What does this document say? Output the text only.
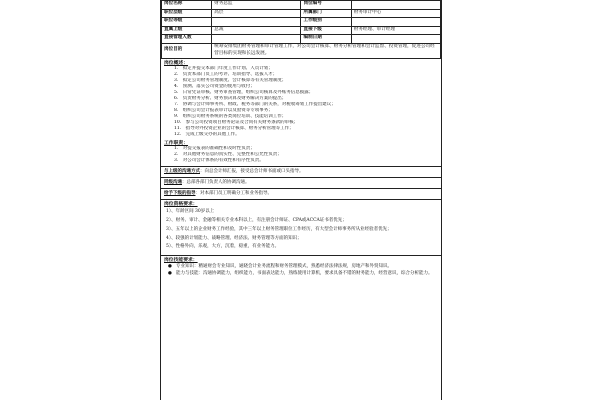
岗位名称	财务总监	岗位编号	
职位层级	高层	所属部门	财务审计中心
职位等级		工作级别	
直属上级	总裁	直接下级	财务经理、审计经理
直接管理人数		编制日期	
岗位目的	统筹安排集团财务管理和审计管理工作，对公司会计核算、财务分析管理和会计监督、投资管理，促进公司经营目标的实现和长远发展。		
岗位概述：
1.　拟定并提交本部门年度工作计划、人员计划；
2.　负责本部门员工的考评、培训指导、选拔人才；
3.　拟定公司财务管理制度、会计核算等有关管理制度；
4.　预测、落实公司资金的使用与收付；
5.　日常凭证审核、财务审查管理，组织公司核算及外账务信息披露；
6.　负责财务分析、财务预决算及财务解决方案的提出；
7.　协调与会计师事务所、财政、税务等部门的关系，对税收筹划工作提出建议；
8.　组织公司会计报表审计以及验资等专项事务；
9.　组织公司财务系统的各类岗位培训、技能培训工作；
10.　参与公司投资项目财务论证及合同有关财务条款的审核；
11.　指导对外投资企业的会计核算、财务分析管理等工作；
12.　完成上级交办的其他工作。
工作职责：
1.　对提交报表的准确性和及时性负责；
2.　对其他财务信息的真实性、完整性和公允性负责；
3.　对公司会计体系的有效性和有序性负责。
与上级的沟通方式：向总会计师汇报，接受总会计师书面或口头指导。
同级沟通：总部各部门负责人的协调沟通。
给予下级的指导：对本部门员工明确分工和业务指导。
岗位资格要求：
1）、年龄区间 30岁以上
2）、财务、审计、金融等相关专业本科以上，有注册会计师证、CPA或ACCA证书者优先；
3）、五年以上的企业财务工作经验，其中三年以上财务管理职位工作经历，有大型会计师事务所从业经验者优先；
4）、较强的计划能力、战略管理、经济法、财务管理等方面的知识；
5）、性格外向，乐观，大方，沉着，稳重，有业务能力。
岗位技能要求：
● 专业知识：精通财会专业知识，通晓会计业务流程和财务管理模式，熟悉经济法律法规，房地产和外贸知识。
● 能力与技能：沟通协调能力，组织能力，书面表达能力，熟练使用计算机，要求具备不错的财务能力，经营意识，综合分析能力。
